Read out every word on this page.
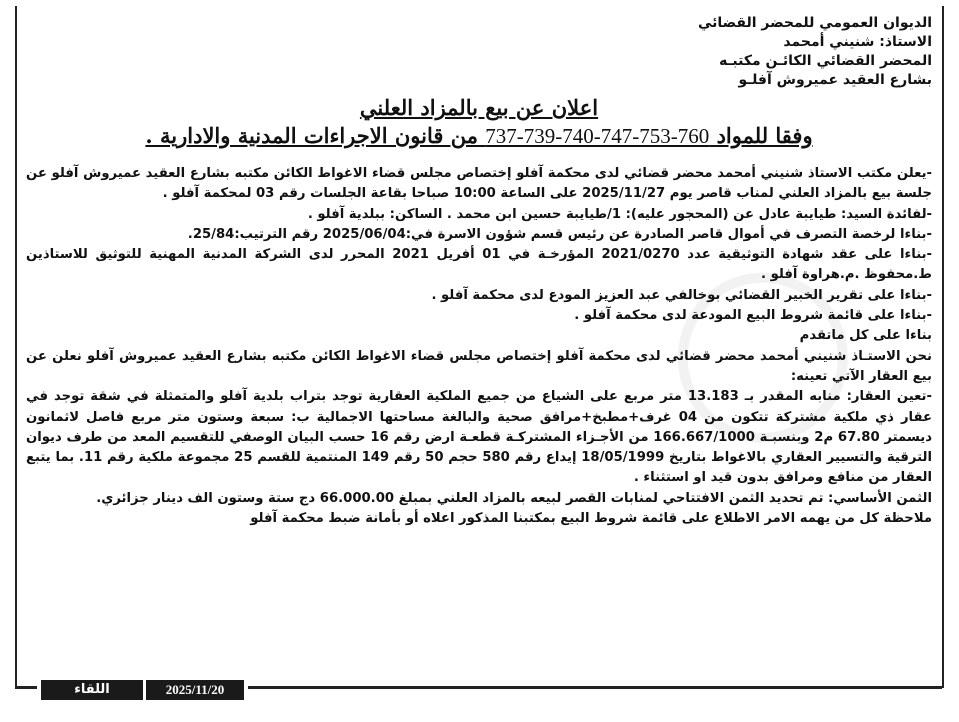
الديوان العمومي للمحضر القضائي
الاستاذ: شنيني أمحمد
المحضر القضائي الكائـن مكتبـه
بشارع العقيد عميروش آفلـو
اعلان عن بيع بالمزاد العلني
وفقا للمواد 737-739-740-747-753-760 من قانون الاجراءات المدنية والادارية .

-يعلن مكتب الاستاذ شنيني أمحمد محضر قضائي لدى محكمة آفلو إختصاص مجلس قضاء الاغواط الكائن مكتبه بشارع العقيد عميروش آفلو عن جلسة بيع بالمزاد العلني لمناب قاصر يوم 2025/11/27 على الساعة 10:00 صباحا بقاعة الجلسات رقم 03 لمحكمة آفلو .

-لفائدة السيد: طيايبة عادل عن (المحجور عليه): 1/طيايبة حسين ابن محمد . الساكن: ببلدية آفلو .

-بناءا لرخصة التصرف في أموال قاصر الصادرة عن رئيس قسم شؤون الاسرة في:2025/06/04 رقم الترتيب:25/84.

-بناءا على عقد شهادة التوثيقية عدد 2021/0270 المؤرخـة في 01 أفريل 2021 المحرر لدى الشركة المدنية المهنية للتوثيق للاستاذين ط.محفوظ .م.هراوة آفلو .

-بناءا على تقرير الخبير القضائي بوخالفي عبد العزيز المودع لدى محكمة آفلو .

-بناءا على قائمة شروط البيع المودعة لدى محكمة آفلو .

بناءا على كل ماتقدم

نحن الاستـاذ شنيني أمحمد محضر قضائي لدى محكمة آفلو إختصاص مجلس قضاء الاغواط الكائن مكتبه بشارع العقيد عميروش آفلو نعلن عن بيع العقار الآتي تعينه:

-تعين العقار: منابه المقدر بـ 13.183 متر مربع على الشياع من جميع الملكية العقارية توجد بتراب بلدية آفلو والمتمثلة في شقة توجد في عقار ذي ملكية مشتركة تتكون من 04 غرف+مطبخ+مرافق صحية والبالغة مساحتها الاجمالية ب: سبعة وستون متر مربع فاصل لاثمانون ديسمتر 67.80 م2 وبنسبـة 166.667/1000 من الأجـزاء المشتركـة قطعـة ارض رقم 16 حسب البيان الوصفي للتقسيم المعد من طرف ديوان الترقية والتسيير العقاري بالاغواط بتاريخ 18/05/1999 إيداع رقم 580 حجم 50 رقم 149 المنتمية للقسم 25 مجموعة ملكية رقم 11. بما يتبع العقار من منافع ومرافق بدون قيد او استثناء .

الثمن الأساسي: تم تحديد الثمن الافتتاحي لمنابات القصر لبيعه بالمزاد العلني بمبلغ 66.000.00 دج ستة وستون الف دينار جزائري.

ملاحظة كل من يهمه الامر الاطلاع على قائمة شروط البيع بمكتبنا المذكور اعلاه أو بأمانة ضبط محكمة آفلو

2025/11/20
اللقاء
